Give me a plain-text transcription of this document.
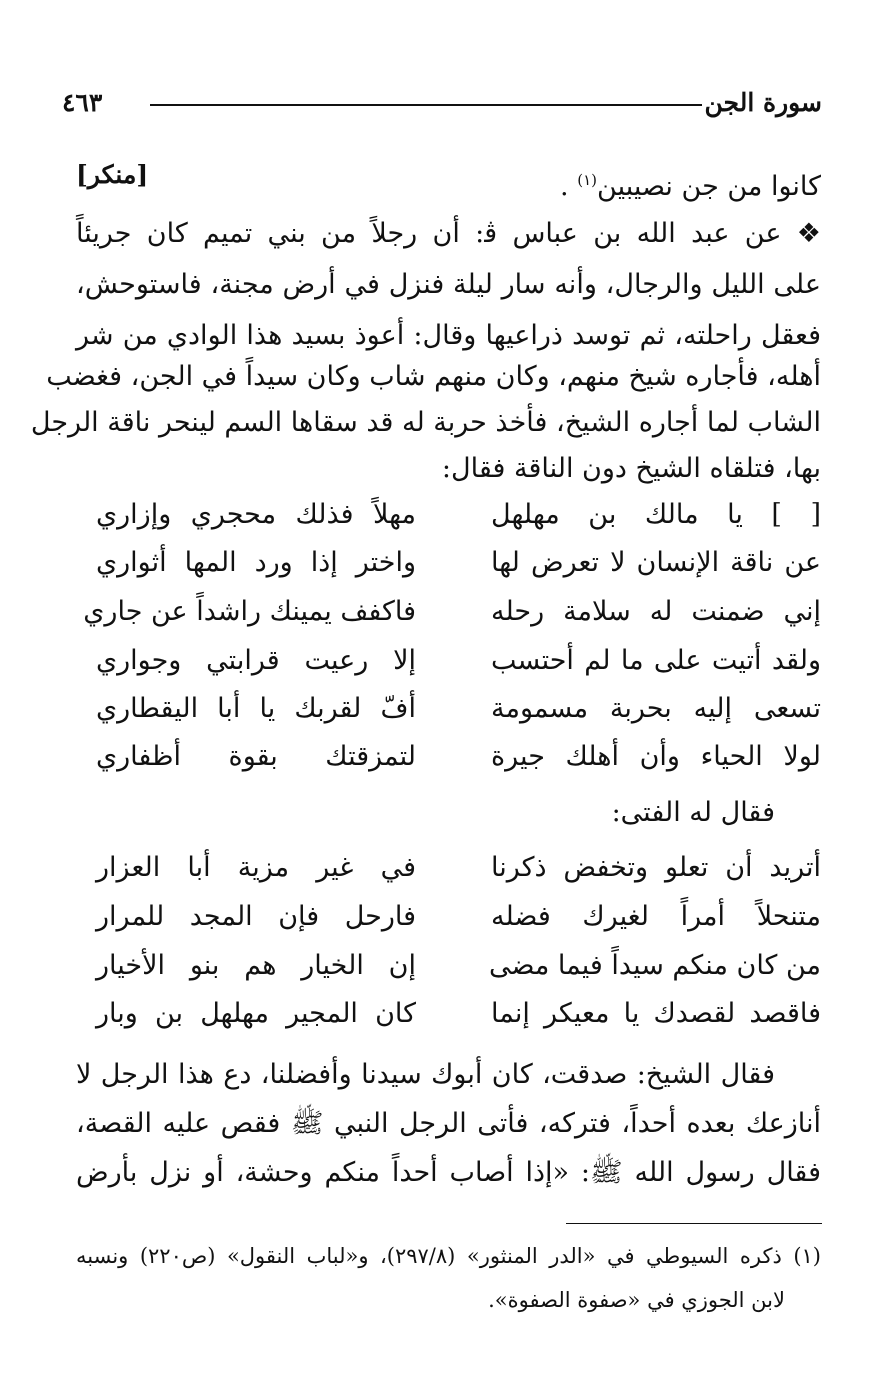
سورة الجن
٤٦٣
كانوا من جن نصيبين$^{(١)}$ .
[منكر]
❖ عن عبد الله بن عباس ﭬ: أن رجلاً من بني تميم كان جريئاً
على الليل والرجال، وأنه سار ليلة فنزل في أرض مجنة، فاستوحش،
فعقل راحلته، ثم توسد ذراعيها وقال: أعوذ بسيد هذا الوادي من شر
أهله، فأجاره شيخ منهم، وكان منهم شاب وكان سيداً في الجن، فغضب
الشاب لما أجاره الشيخ، فأخذ حربة له قد سقاها السم لينحر ناقة الرجل
بها، فتلقاه الشيخ دون الناقة فقال:
[ ] يا مالك بن مهلهل
مهلاً فذلك محجري وإزاري
عن ناقة الإنسان لا تعرض لها
واختر إذا ورد المها أثواري
إني ضمنت له سلامة رحله
فاكفف يمينك راشداً عن جاري
ولقد أتيت على ما لم أحتسب
إلا رعيت قرابتي وجواري
تسعى إليه بحربة مسمومة
أفّ لقربك يا أبا اليقطاري
لولا الحياء وأن أهلك جيرة
لتمزقتك بقوة أظفاري
فقال له الفتى:
أتريد أن تعلو وتخفض ذكرنا
في غير مزية أبا العزار
متنحلاً أمراً لغيرك فضله
فارحل فإن المجد للمرار
من كان منكم سيداً فيما مضى
إن الخيار هم بنو الأخيار
فاقصد لقصدك يا معيكر إنما
كان المجير مهلهل بن وبار
فقال الشيخ: صدقت، كان أبوك سيدنا وأفضلنا، دع هذا الرجل لا
أنازعك بعده أحداً، فتركه، فأتى الرجل النبي ﷺ فقص عليه القصة،
فقال رسول الله ﷺ: «إذا أصاب أحداً منكم وحشة، أو نزل بأرض
(١) ذكره السيوطي في «الدر المنثور» (٢٩٧/٨)، و«لباب النقول» (ص٢٢٠) ونسبه
لابن الجوزي في «صفوة الصفوة».
